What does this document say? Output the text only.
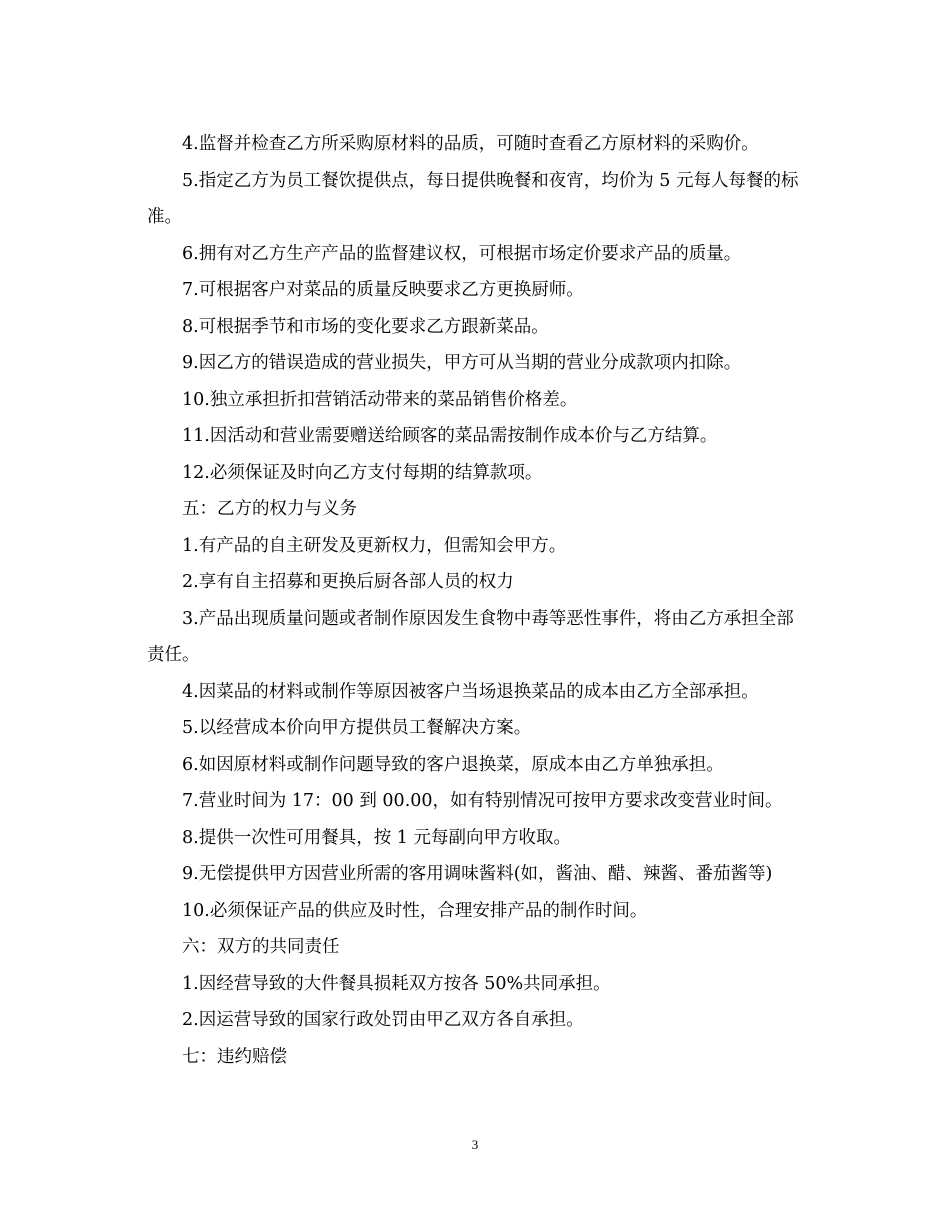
4.监督并检查乙方所采购原材料的品质，可随时查看乙方原材料的采购价。

5.指定乙方为员工餐饮提供点，每日提供晚餐和夜宵，均价为 5 元每人每餐的标准。

6.拥有对乙方生产产品的监督建议权，可根据市场定价要求产品的质量。

7.可根据客户对菜品的质量反映要求乙方更换厨师。

8.可根据季节和市场的变化要求乙方跟新菜品。

9.因乙方的错误造成的营业损失，甲方可从当期的营业分成款项内扣除。

10.独立承担折扣营销活动带来的菜品销售价格差。

11.因活动和营业需要赠送给顾客的菜品需按制作成本价与乙方结算。

12.必须保证及时向乙方支付每期的结算款项。

五：乙方的权力与义务

1.有产品的自主研发及更新权力，但需知会甲方。

2.享有自主招募和更换后厨各部人员的权力

3.产品出现质量问题或者制作原因发生食物中毒等恶性事件，将由乙方承担全部责任。

4.因菜品的材料或制作等原因被客户当场退换菜品的成本由乙方全部承担。

5.以经营成本价向甲方提供员工餐解决方案。

6.如因原材料或制作问题导致的客户退换菜，原成本由乙方单独承担。

7.营业时间为 17：00 到 00.00，如有特别情况可按甲方要求改变营业时间。

8.提供一次性可用餐具，按 1 元每副向甲方收取。

9.无偿提供甲方因营业所需的客用调味酱料(如，酱油、醋、辣酱、番茄酱等)

10.必须保证产品的供应及时性，合理安排产品的制作时间。

六：双方的共同责任

1.因经营导致的大件餐具损耗双方按各 50%共同承担。

2.因运营导致的国家行政处罚由甲乙双方各自承担。

七：违约赔偿

3
